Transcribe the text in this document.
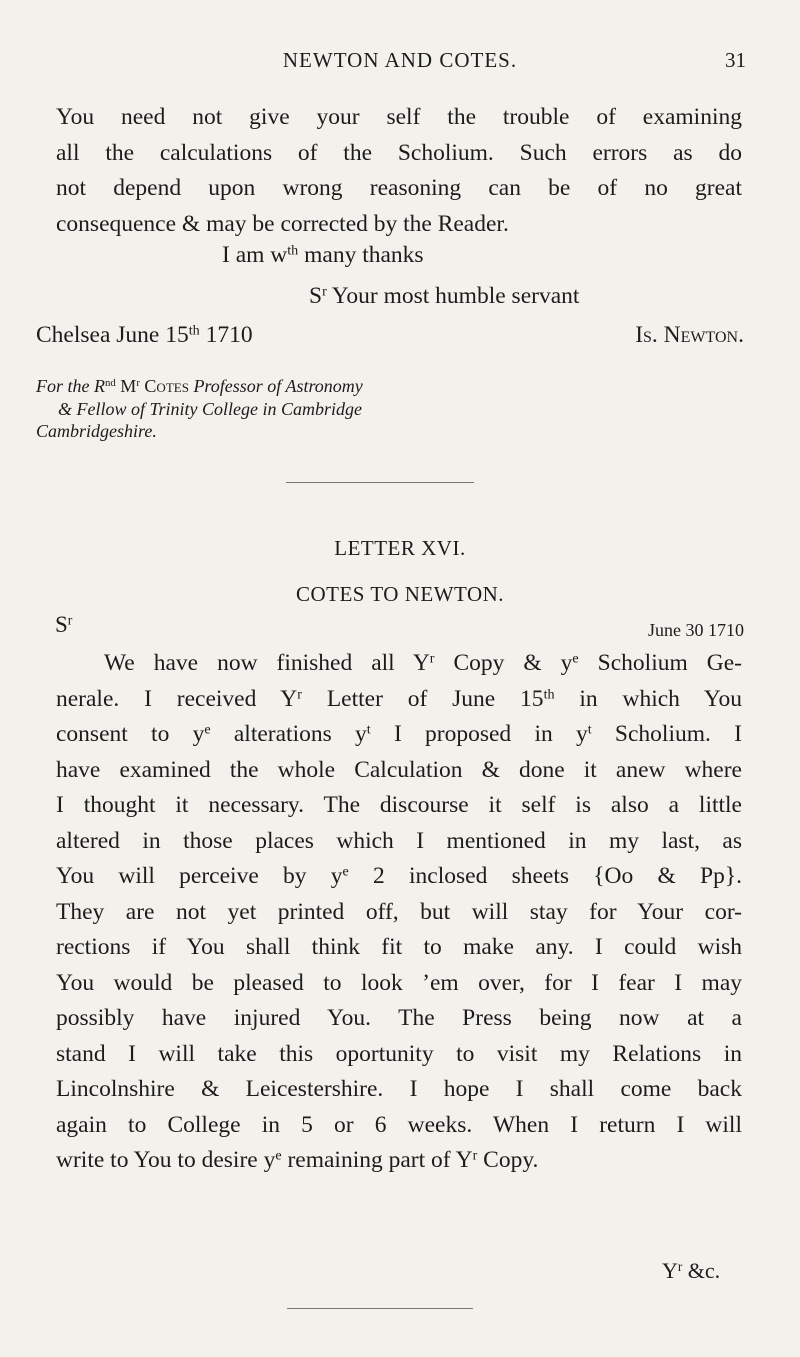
NEWTON AND COTES.	31
You need not give your self the trouble of examining
all the calculations of the Scholium. Such errors as do
not depend upon wrong reasoning can be of no great
consequence & may be corrected by the Reader.
I am $w^{th}$ many thanks
$S^r$ Your most humble servant
Chelsea June 15th 1710	Is. Newton.
For the $R^{nd}$ $M^r$ Cotes Professor of Astronomy
& Fellow of Trinity College in Cambridge
Cambridgeshire.
LETTER XVI.
COTES TO NEWTON.
$S^r$
June 30 1710
We have now finished all $Y^r$ Copy & $y^e$ Scholium Ge-
nerale. I received $Y^r$ Letter of June 15th in which You
consent to $y^e$ alterations $y^t$ I proposed in $y^t$ Scholium. I
have examined the whole Calculation & done it anew where
I thought it necessary. The discourse it self is also a little
altered in those places which I mentioned in my last, as
You will perceive by $y^e$ 2 inclosed sheets {Oo & Pp}.
They are not yet printed off, but will stay for Your cor-
rections if You shall think fit to make any. I could wish
You would be pleased to look ’em over, for I fear I may
possibly have injured You. The Press being now at a
stand I will take this oportunity to visit my Relations in
Lincolnshire & Leicestershire. I hope I shall come back
again to College in 5 or 6 weeks. When I return I will
write to You to desire $y^e$ remaining part of $Y^r$ Copy.
$Y^r$ &c.
